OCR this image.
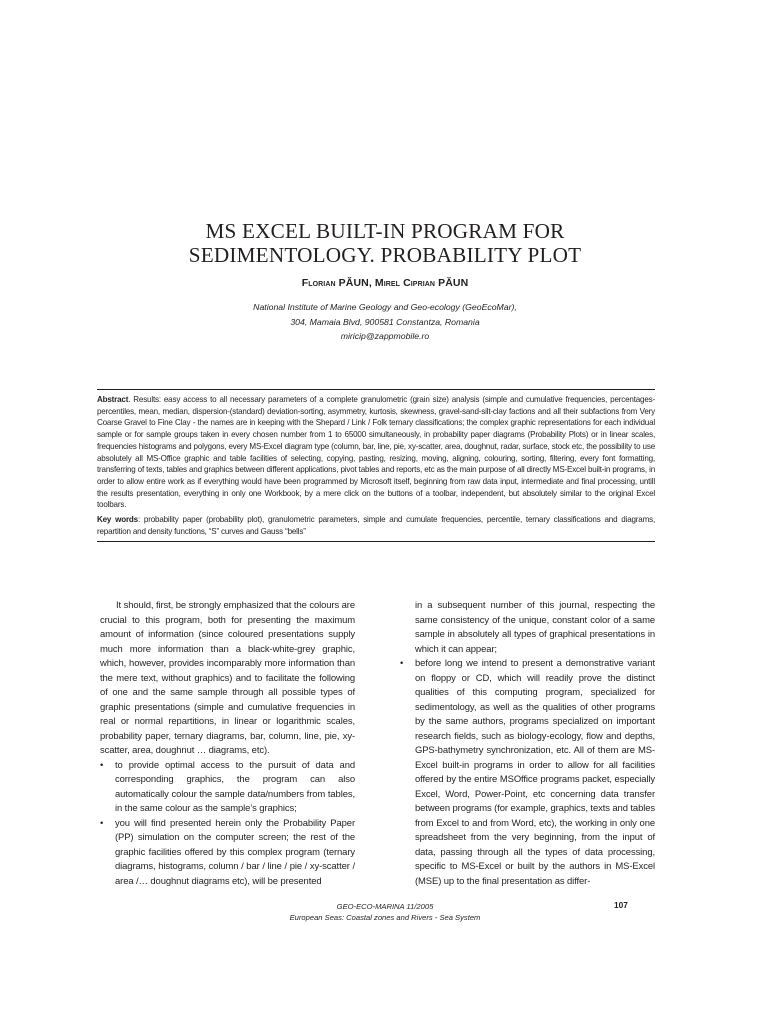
MS EXCEL BUILT-IN PROGRAM FOR
SEDIMENTOLOGY. PROBABILITY PLOT
Florian PĂUN, Mirel Ciprian PĂUN
National Institute of Marine Geology and Geo-ecology (GeoEcoMar),
304, Mamaia Blvd, 900581 Constantza, Romania
miricip@zappmobile.ro

Abstract. Results: easy access to all necessary parameters of a complete granulometric (grain size) analysis (simple and cumulative frequencies, percentages-percentiles, mean, median, dispersion-(standard) deviation-sorting, asymmetry, kurtosis, skewness, gravel-sand-silt-clay factions and all their subfactions from Very Coarse Gravel to Fine Clay - the names are in keeping with the Shepard / Link / Folk ternary classifications; the complex graphic representations for each individual sample or for sample groups taken in every chosen number from 1 to 65000 simultaneously, in probability paper diagrams (Probability Plots) or in linear scales, frequencies histograms and polygons, every MS-Excel diagram type (column, bar, line, pie, xy-scatter, area, doughnut, radar, surface, stock etc, the possibility to use absolutely all MS-Office graphic and table facilities of selecting, copying, pasting, resizing, moving, aligning, colouring, sorting, filtering, every font formatting, transferring of texts, tables and graphics between different applications, pivot tables and reports, etc as the main purpose of all directly MS-Excel built-in programs, in order to allow entire work as if everything would have been programmed by Microsoft itself, beginning from raw data input, intermediate and final processing, untill the results presentation, everything in only one Workbook, by a mere click on the buttons of a toolbar, independent, but absolutely similar to the original Excel toolbars.

Key words: probability paper (probability plot), granulometric parameters, simple and cumulate frequencies, percentile, ternary classifications and diagrams, repartition and density functions, “S” curves and Gauss “bells”

It should, first, be strongly emphasized that the colours are crucial to this program, both for presenting the maximum amount of information (since coloured presentations supply much more information than a black-white-grey graphic, which, however, provides incomparably more information than the mere text, without graphics) and to facilitate the following of one and the same sample through all possible types of graphic presentations (simple and cumulative frequencies in real or normal repartitions, in linear or logarithmic scales, probability paper, ternary diagrams, bar, column, line, pie, xy-scatter, area, doughnut … diagrams, etc).

• to provide optimal access to the pursuit of data and corresponding graphics, the program can also automatically colour the sample data/numbers from tables, in the same colour as the sample’s graphics;

• you will find presented herein only the Probability Paper (PP) simulation on the computer screen; the rest of the graphic facilities offered by this complex program (ternary diagrams, histograms, column / bar / line / pie / xy-scatter / area /… doughnut diagrams etc), will be presented

in a subsequent number of this journal, respecting the same consistency of the unique, constant color of a same sample in absolutely all types of graphical presentations in which it can appear;

• before long we intend to present a demonstrative variant on floppy or CD, which will readily prove the distinct qualities of this computing program, specialized for sedimentology, as well as the qualities of other programs by the same authors, programs specialized on important research fields, such as biology-ecology, flow and depths, GPS-bathymetry synchronization, etc. All of them are MS-Excel built-in programs in order to allow for all facilities offered by the entire MSOffice programs packet, especially Excel, Word, Power-Point, etc concerning data transfer between programs (for example, graphics, texts and tables from Excel to and from Word, etc), the working in only one spreadsheet from the very beginning, from the input of data, passing through all the types of data processing, specific to MS-Excel or built by the authors in MS-Excel (MSE) up to the final presentation as differ-

GEO-ECO-MARINA 11/2005
European Seas: Coastal zones and Rivers - Sea System
107
